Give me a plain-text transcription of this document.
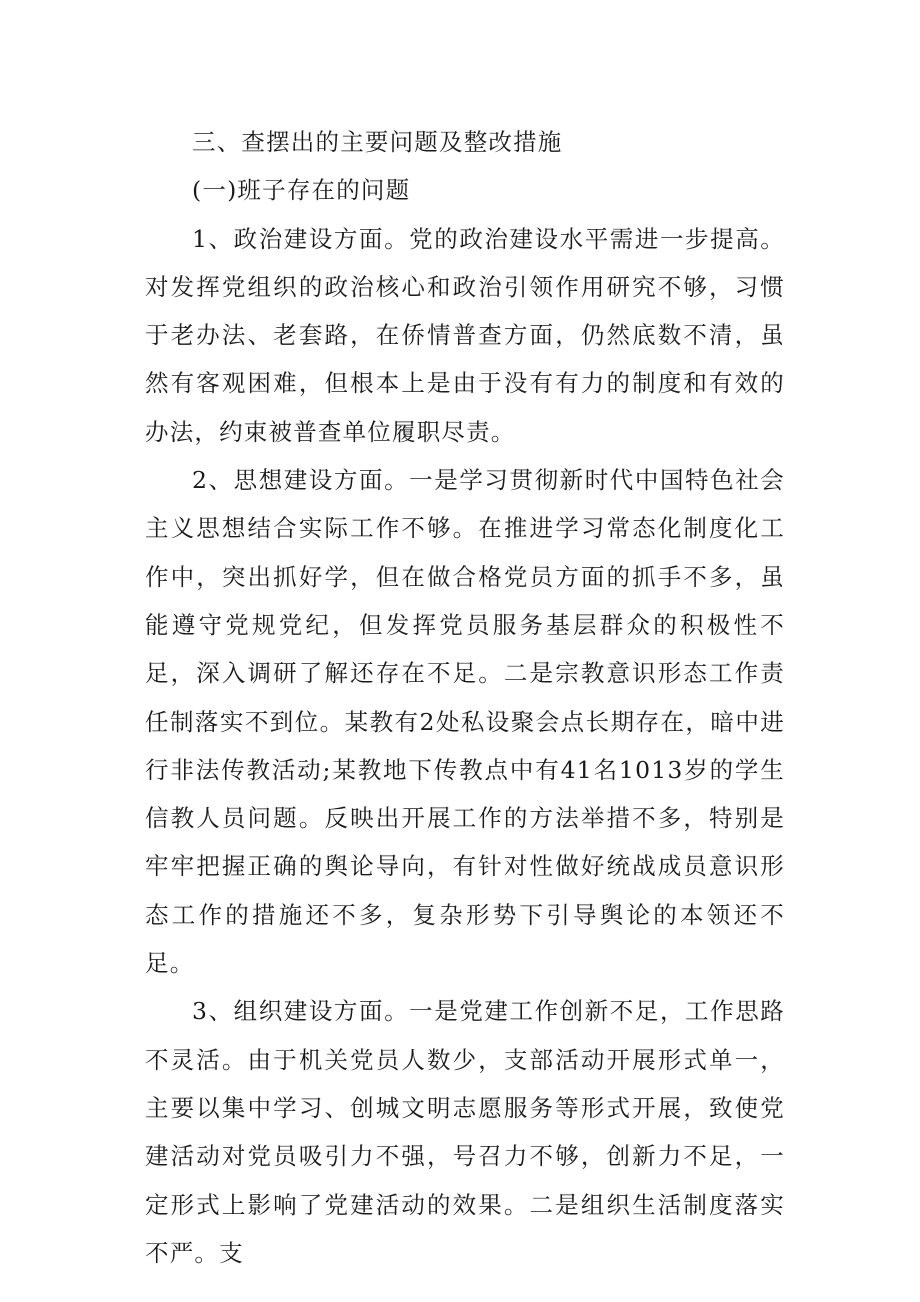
三、查摆出的主要问题及整改措施

(一)班子存在的问题

1、政治建设方面。党的政治建设水平需进一步提高。对发挥党组织的政治核心和政治引领作用研究不够，习惯于老办法、老套路，在侨情普查方面，仍然底数不清，虽然有客观困难，但根本上是由于没有有力的制度和有效的办法，约束被普查单位履职尽责。

2、思想建设方面。一是学习贯彻新时代中国特色社会主义思想结合实际工作不够。在推进学习常态化制度化工作中，突出抓好学，但在做合格党员方面的抓手不多，虽能遵守党规党纪，但发挥党员服务基层群众的积极性不足，深入调研了解还存在不足。二是宗教意识形态工作责任制落实不到位。某教有2处私设聚会点长期存在，暗中进行非法传教活动;某教地下传教点中有41名1013岁的学生信教人员问题。反映出开展工作的方法举措不多，特别是牢牢把握正确的舆论导向，有针对性做好统战成员意识形态工作的措施还不多，复杂形势下引导舆论的本领还不足。

3、组织建设方面。一是党建工作创新不足，工作思路不灵活。由于机关党员人数少，支部活动开展形式单一，主要以集中学习、创城文明志愿服务等形式开展，致使党建活动对党员吸引力不强，号召力不够，创新力不足，一定形式上影响了党建活动的效果。二是组织生活制度落实不严。支
